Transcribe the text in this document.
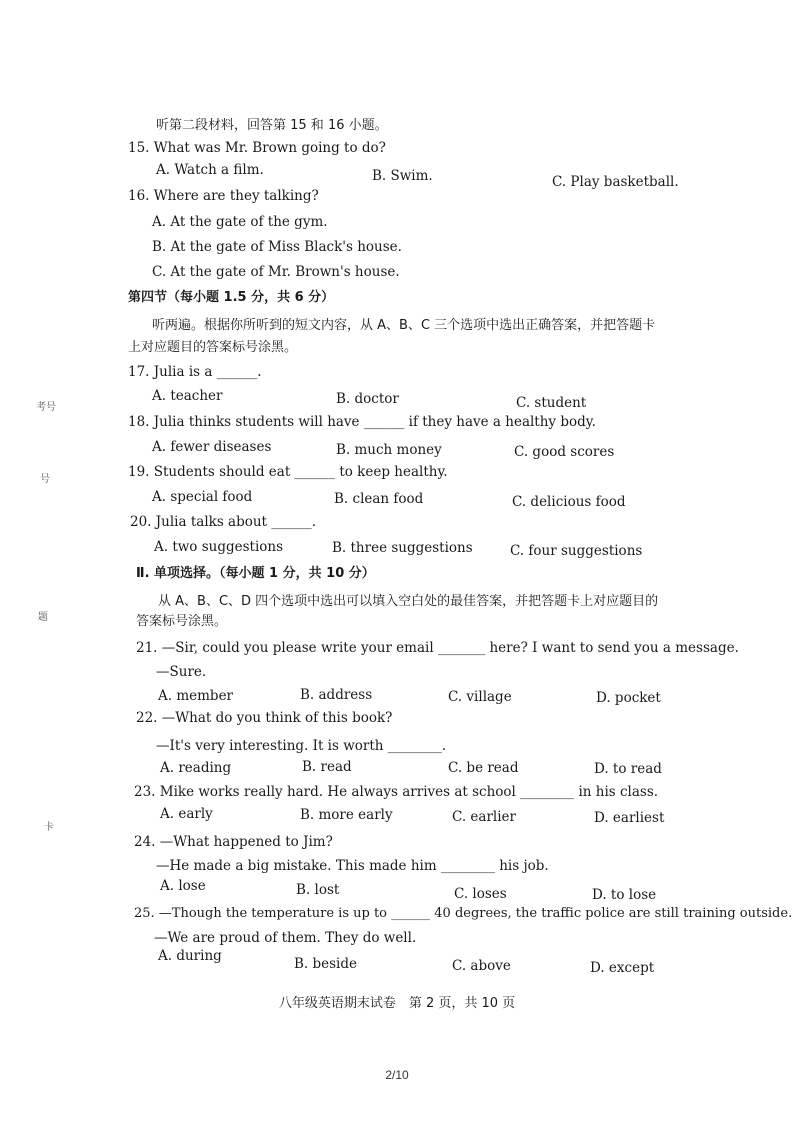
考号
号
题
卡
听第二段材料，回答第 15 和 16 小题。
15. What was Mr. Brown going to do?
A. Watch a film.	B. Swim.	C. Play basketball.
16. Where are they talking?
A. At the gate of the gym.
B. At the gate of Miss Black's house.
C. At the gate of Mr. Brown's house.
第四节（每小题 1.5 分，共 6 分）
听两遍。根据你所听到的短文内容，从 A、B、C 三个选项中选出正确答案，并把答题卡
上对应题目的答案标号涂黑。
17. Julia is a ______.
A. teacher	B. doctor	C. student
18. Julia thinks students will have ______ if they have a healthy body.
A. fewer diseases	B. much money	C. good scores
19. Students should eat ______ to keep healthy.
A. special food	B. clean food	C. delicious food
20. Julia talks about ______.
A. two suggestions	B. three suggestions	C. four suggestions
Ⅱ. 单项选择。（每小题 1 分，共 10 分）
从 A、B、C、D 四个选项中选出可以填入空白处的最佳答案，并把答题卡上对应题目的
答案标号涂黑。
21. —Sir, could you please write your email _______ here? I want to send you a message.
—Sure.
A. member	B. address	C. village	D. pocket
22. —What do you think of this book?
—It's very interesting. It is worth ________.
A. reading	B. read	C. be read	D. to read
23. Mike works really hard. He always arrives at school ________ in his class.
A. early	B. more early	C. earlier	D. earliest
24. —What happened to Jim?
—He made a big mistake. This made him ________ his job.
A. lose	B. lost	C. loses	D. to lose
25. —Though the temperature is up to ______ 40 degrees, the traffic police are still training outside.
—We are proud of them. They do well.
A. during	B. beside	C. above	D. except
八年级英语期末试卷　第 2 页，共 10 页
2/10
